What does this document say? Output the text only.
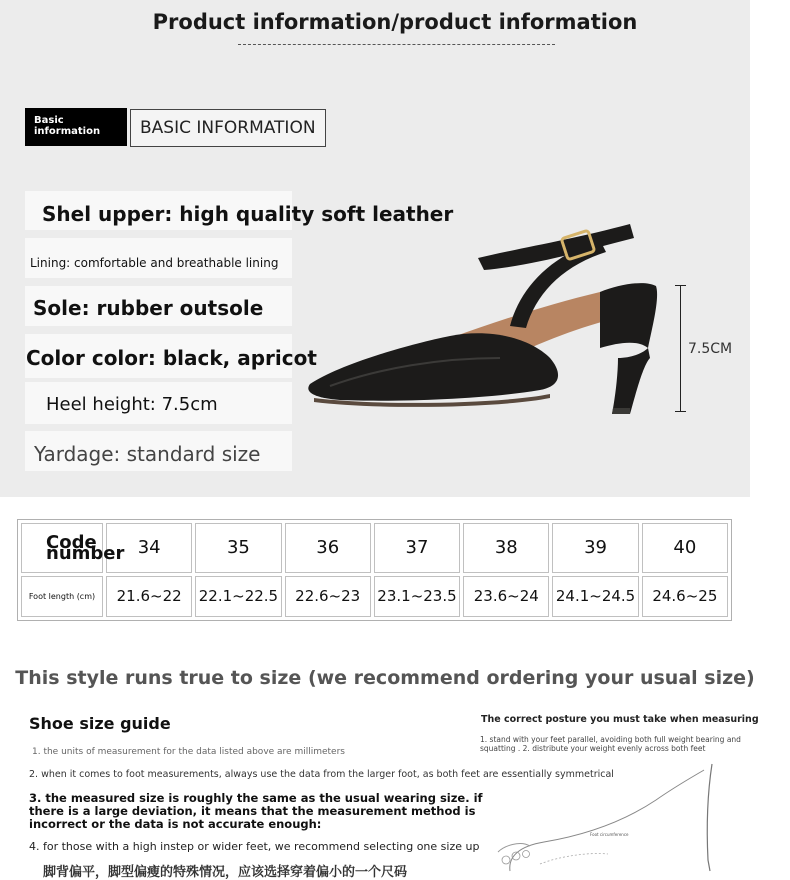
Product information/product information
Basic information	BASIC INFORMATION
Shel upper: high quality soft leather
Lining: comfortable and breathable lining
Sole: rubber outsole
Color color: black, apricot
Heel height: 7.5cm
Yardage: standard size
7.5CM
Code number	34	35	36	37	38	39	40
Foot length (cm)	21.6~22	22.1~22.5	22.6~23	23.1~23.5	23.6~24	24.1~24.5	24.6~25
This style runs true to size (we recommend ordering your usual size)
Shoe size guide
1. the units of measurement for the data listed above are millimeters
2. when it comes to foot measurements, always use the data from the larger foot, as both feet are essentially symmetrical
3. the measured size is roughly the same as the usual wearing size. if there is a large deviation, it means that the measurement method is incorrect or the data is not accurate enough:
4. for those with a high instep or wider feet, we recommend selecting one size up
脚背偏平，脚型偏瘦的特殊情况，应该选择穿着偏小的一个尺码
The correct posture you must take when measuring
1. stand with your feet parallel, avoiding both full weight bearing and squatting . 2. distribute your weight evenly across both feet
Foot circumference
